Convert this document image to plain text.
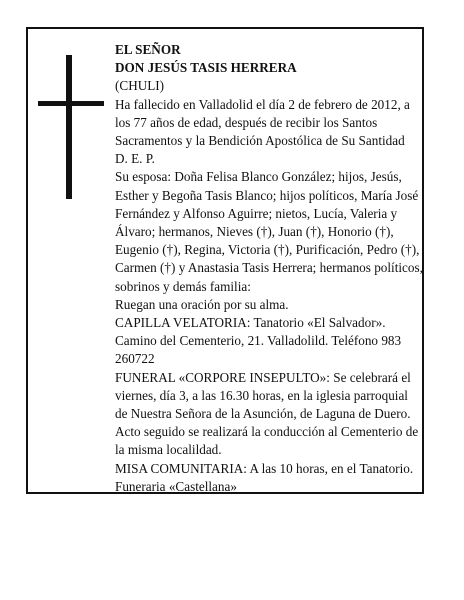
EL SEÑOR

DON JESÚS TASIS HERRERA

(CHULI)

Ha fallecido en Valladolid el día 2 de febrero de 2012, a los 77 años de edad, después de recibir los Santos Sacramentos y la Bendición Apostólica de Su Santidad

D. E. P.

Su esposa: Doña Felisa Blanco González; hijos, Jesús, Esther y Begoña Tasis Blanco; hijos políticos, María José Fernández y Alfonso Aguirre; nietos, Lucía, Valeria y Álvaro; hermanos, Nieves (†), Juan (†), Honorio (†), Eugenio (†), Regina, Victoria (†), Purificación, Pedro (†), Carmen (†) y Anastasia Tasis Herrera; hermanos políticos, sobrinos y demás familia:

Ruegan una oración por su alma.

CAPILLA VELATORIA: Tanatorio «El Salvador». Camino del Cementerio, 21. Valladolild. Teléfono 983 260722

FUNERAL «CORPORE INSEPULTO»: Se celebrará el viernes, día 3, a las 16.30 horas, en la iglesia parroquial de Nuestra Señora de la Asunción, de Laguna de Duero. Acto seguido se realizará la conducción al Cementerio de la misma localildad.

MISA COMUNITARIA: A las 10 horas, en el Tanatorio.

Funeraria «Castellana»
